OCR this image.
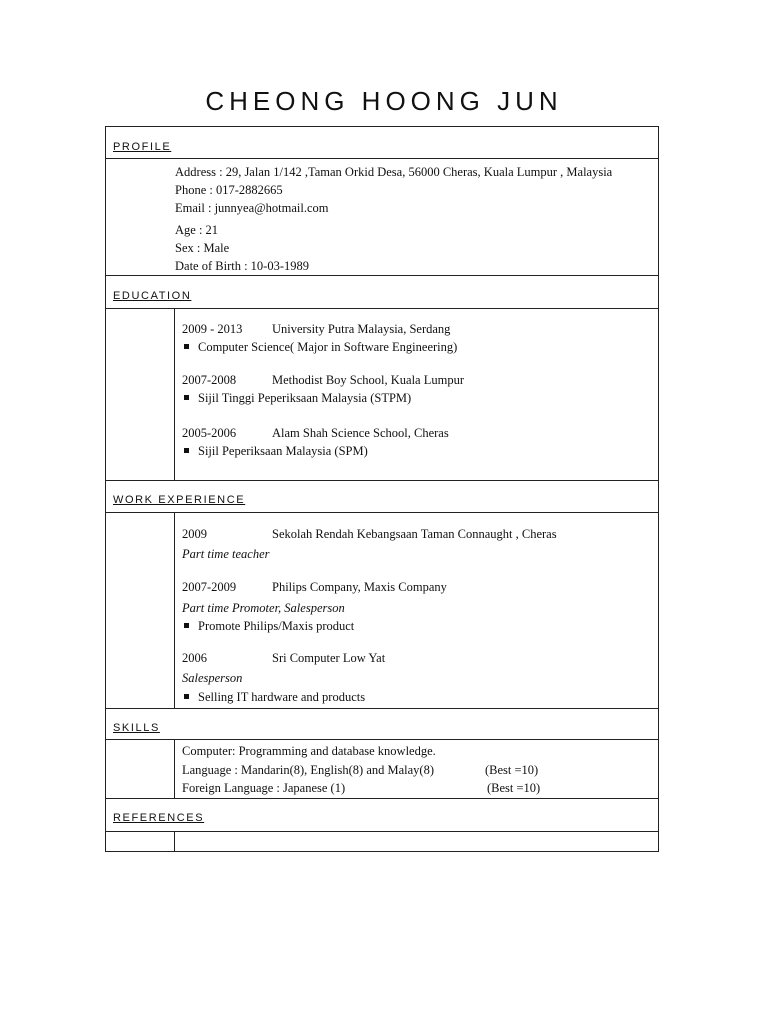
CHEONG HOONG JUN
PROFILE
Address : 29, Jalan 1/142 ,Taman Orkid Desa, 56000 Cheras, Kuala Lumpur , Malaysia
Phone : 017-2882665
Email : junnyea@hotmail.com
Age : 21
Sex : Male
Date of Birth : 10-03-1989
EDUCATION
2009 - 2013 University Putra Malaysia, Serdang
Computer Science( Major in Software Engineering)
2007-2008	Methodist Boy School, Kuala Lumpur
Sijil Tinggi Peperiksaan Malaysia (STPM)
2005-2006	Alam Shah Science School, Cheras
Sijil Peperiksaan Malaysia (SPM)
WORK EXPERIENCE
2009	Sekolah Rendah Kebangsaan Taman Connaught , Cheras
Part time teacher
2007-2009	Philips Company, Maxis Company
Part time Promoter, Salesperson
Promote Philips/Maxis product
2006	Sri Computer Low Yat
Salesperson
Selling IT hardware and products
SKILLS
Computer: Programming and database knowledge.
Language : Mandarin(8), English(8) and Malay(8)	(Best =10)
Foreign Language : Japanese (1)	(Best =10)
REFERENCES
